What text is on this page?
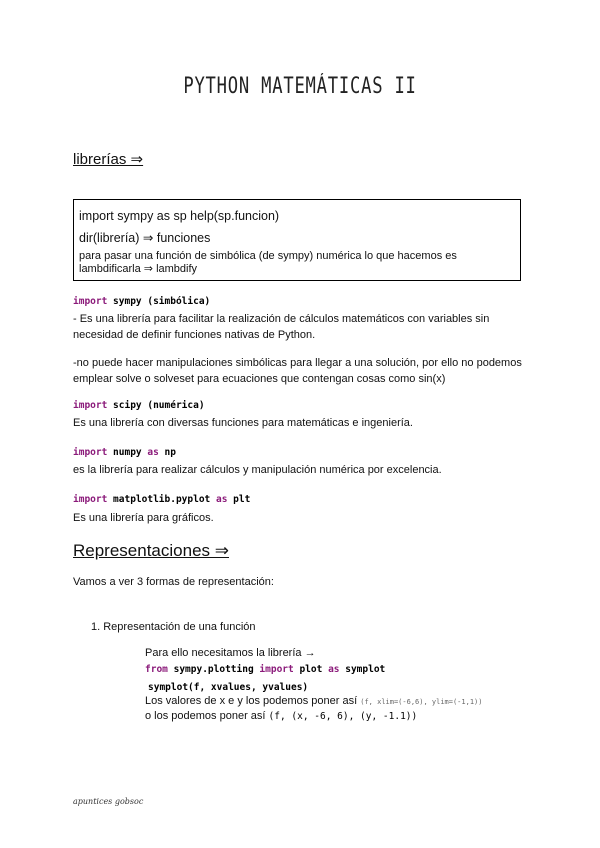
PYTHON MATEMÁTICAS II
librerías ⇒
import sympy as sp help(sp.funcion)
dir(librería) ⇒ funciones
para pasar una función de simbólica (de sympy) numérica lo que hacemos es lambdificarla ⇒ lambdify
import sympy (simbólica)
- Es una librería para facilitar la realización de cálculos matemáticos con variables sin necesidad de definir funciones nativas de Python.
-no puede hacer manipulaciones simbólicas para llegar a una solución, por ello no podemos emplear solve o solveset para ecuaciones que contengan cosas como sin(x)
import scipy (numérica)
Es una librería con diversas funciones para matemáticas e ingeniería.
import numpy as np
es la librería para realizar cálculos y manipulación numérica por excelencia.
import matplotlib.pyplot as plt
Es una librería para gráficos.
Representaciones ⇒
Vamos a ver 3 formas de representación:
1. Representación de una función
Para ello necesitamos la librería →
from sympy.plotting import plot as symplot
symplot(f, xvalues, yvalues)
Los valores de x e y los podemos poner así (f, xlim=(-6,6), ylim=(-1,1))
o los podemos poner así (f, (x, -6, 6), (y, -1.1))
apuntices gobsoc
